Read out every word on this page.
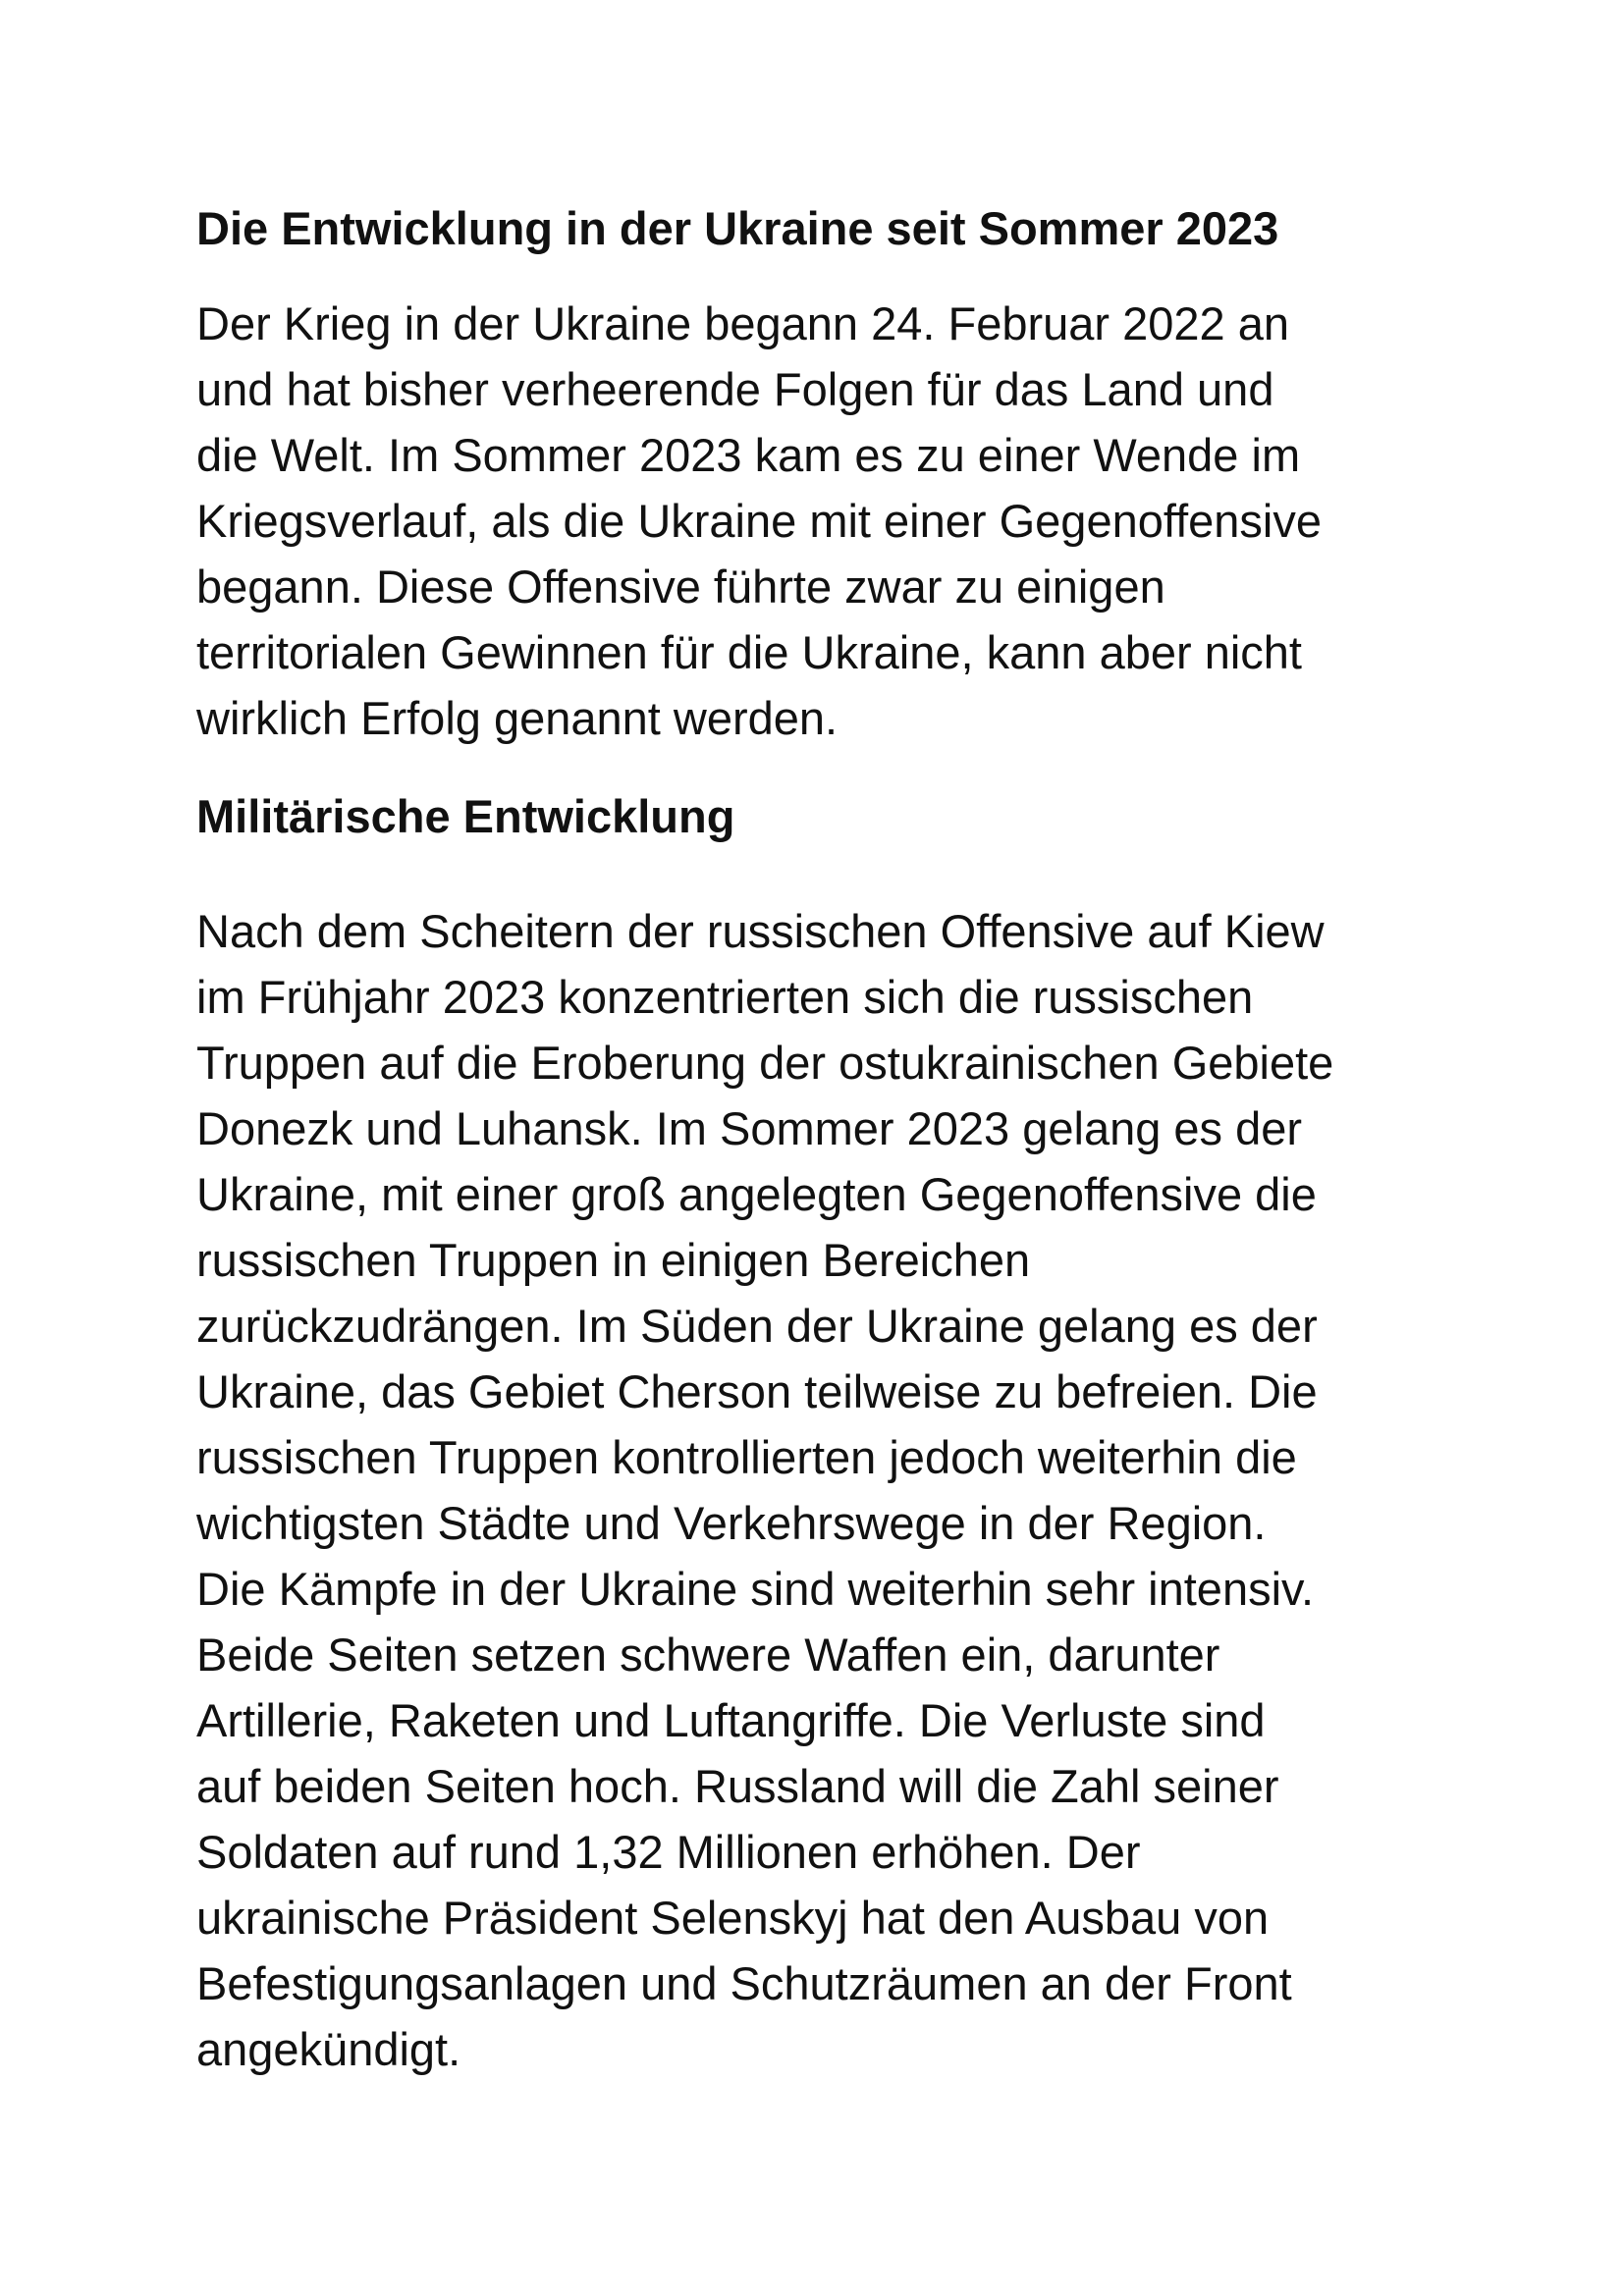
Die Entwicklung in der Ukraine seit Sommer 2023

Der Krieg in der Ukraine begann 24. Februar 2022 an
und hat bisher verheerende Folgen für das Land und
die Welt. Im Sommer 2023 kam es zu einer Wende im
Kriegsverlauf, als die Ukraine mit einer Gegenoffensive
begann. Diese Offensive führte zwar zu einigen
territorialen Gewinnen für die Ukraine, kann aber nicht
wirklich Erfolg genannt werden.

Militärische Entwicklung

Nach dem Scheitern der russischen Offensive auf Kiew
im Frühjahr 2023 konzentrierten sich die russischen
Truppen auf die Eroberung der ostukrainischen Gebiete
Donezk und Luhansk. Im Sommer 2023 gelang es der
Ukraine, mit einer groß angelegten Gegenoffensive die
russischen Truppen in einigen Bereichen
zurückzudrängen. Im Süden der Ukraine gelang es der
Ukraine, das Gebiet Cherson teilweise zu befreien. Die
russischen Truppen kontrollierten jedoch weiterhin die
wichtigsten Städte und Verkehrswege in der Region.
Die Kämpfe in der Ukraine sind weiterhin sehr intensiv.
Beide Seiten setzen schwere Waffen ein, darunter
Artillerie, Raketen und Luftangriffe. Die Verluste sind
auf beiden Seiten hoch. Russland will die Zahl seiner
Soldaten auf rund 1,32 Millionen erhöhen. Der
ukrainische Präsident Selenskyj hat den Ausbau von
Befestigungsanlagen und Schutzräumen an der Front
angekündigt.
